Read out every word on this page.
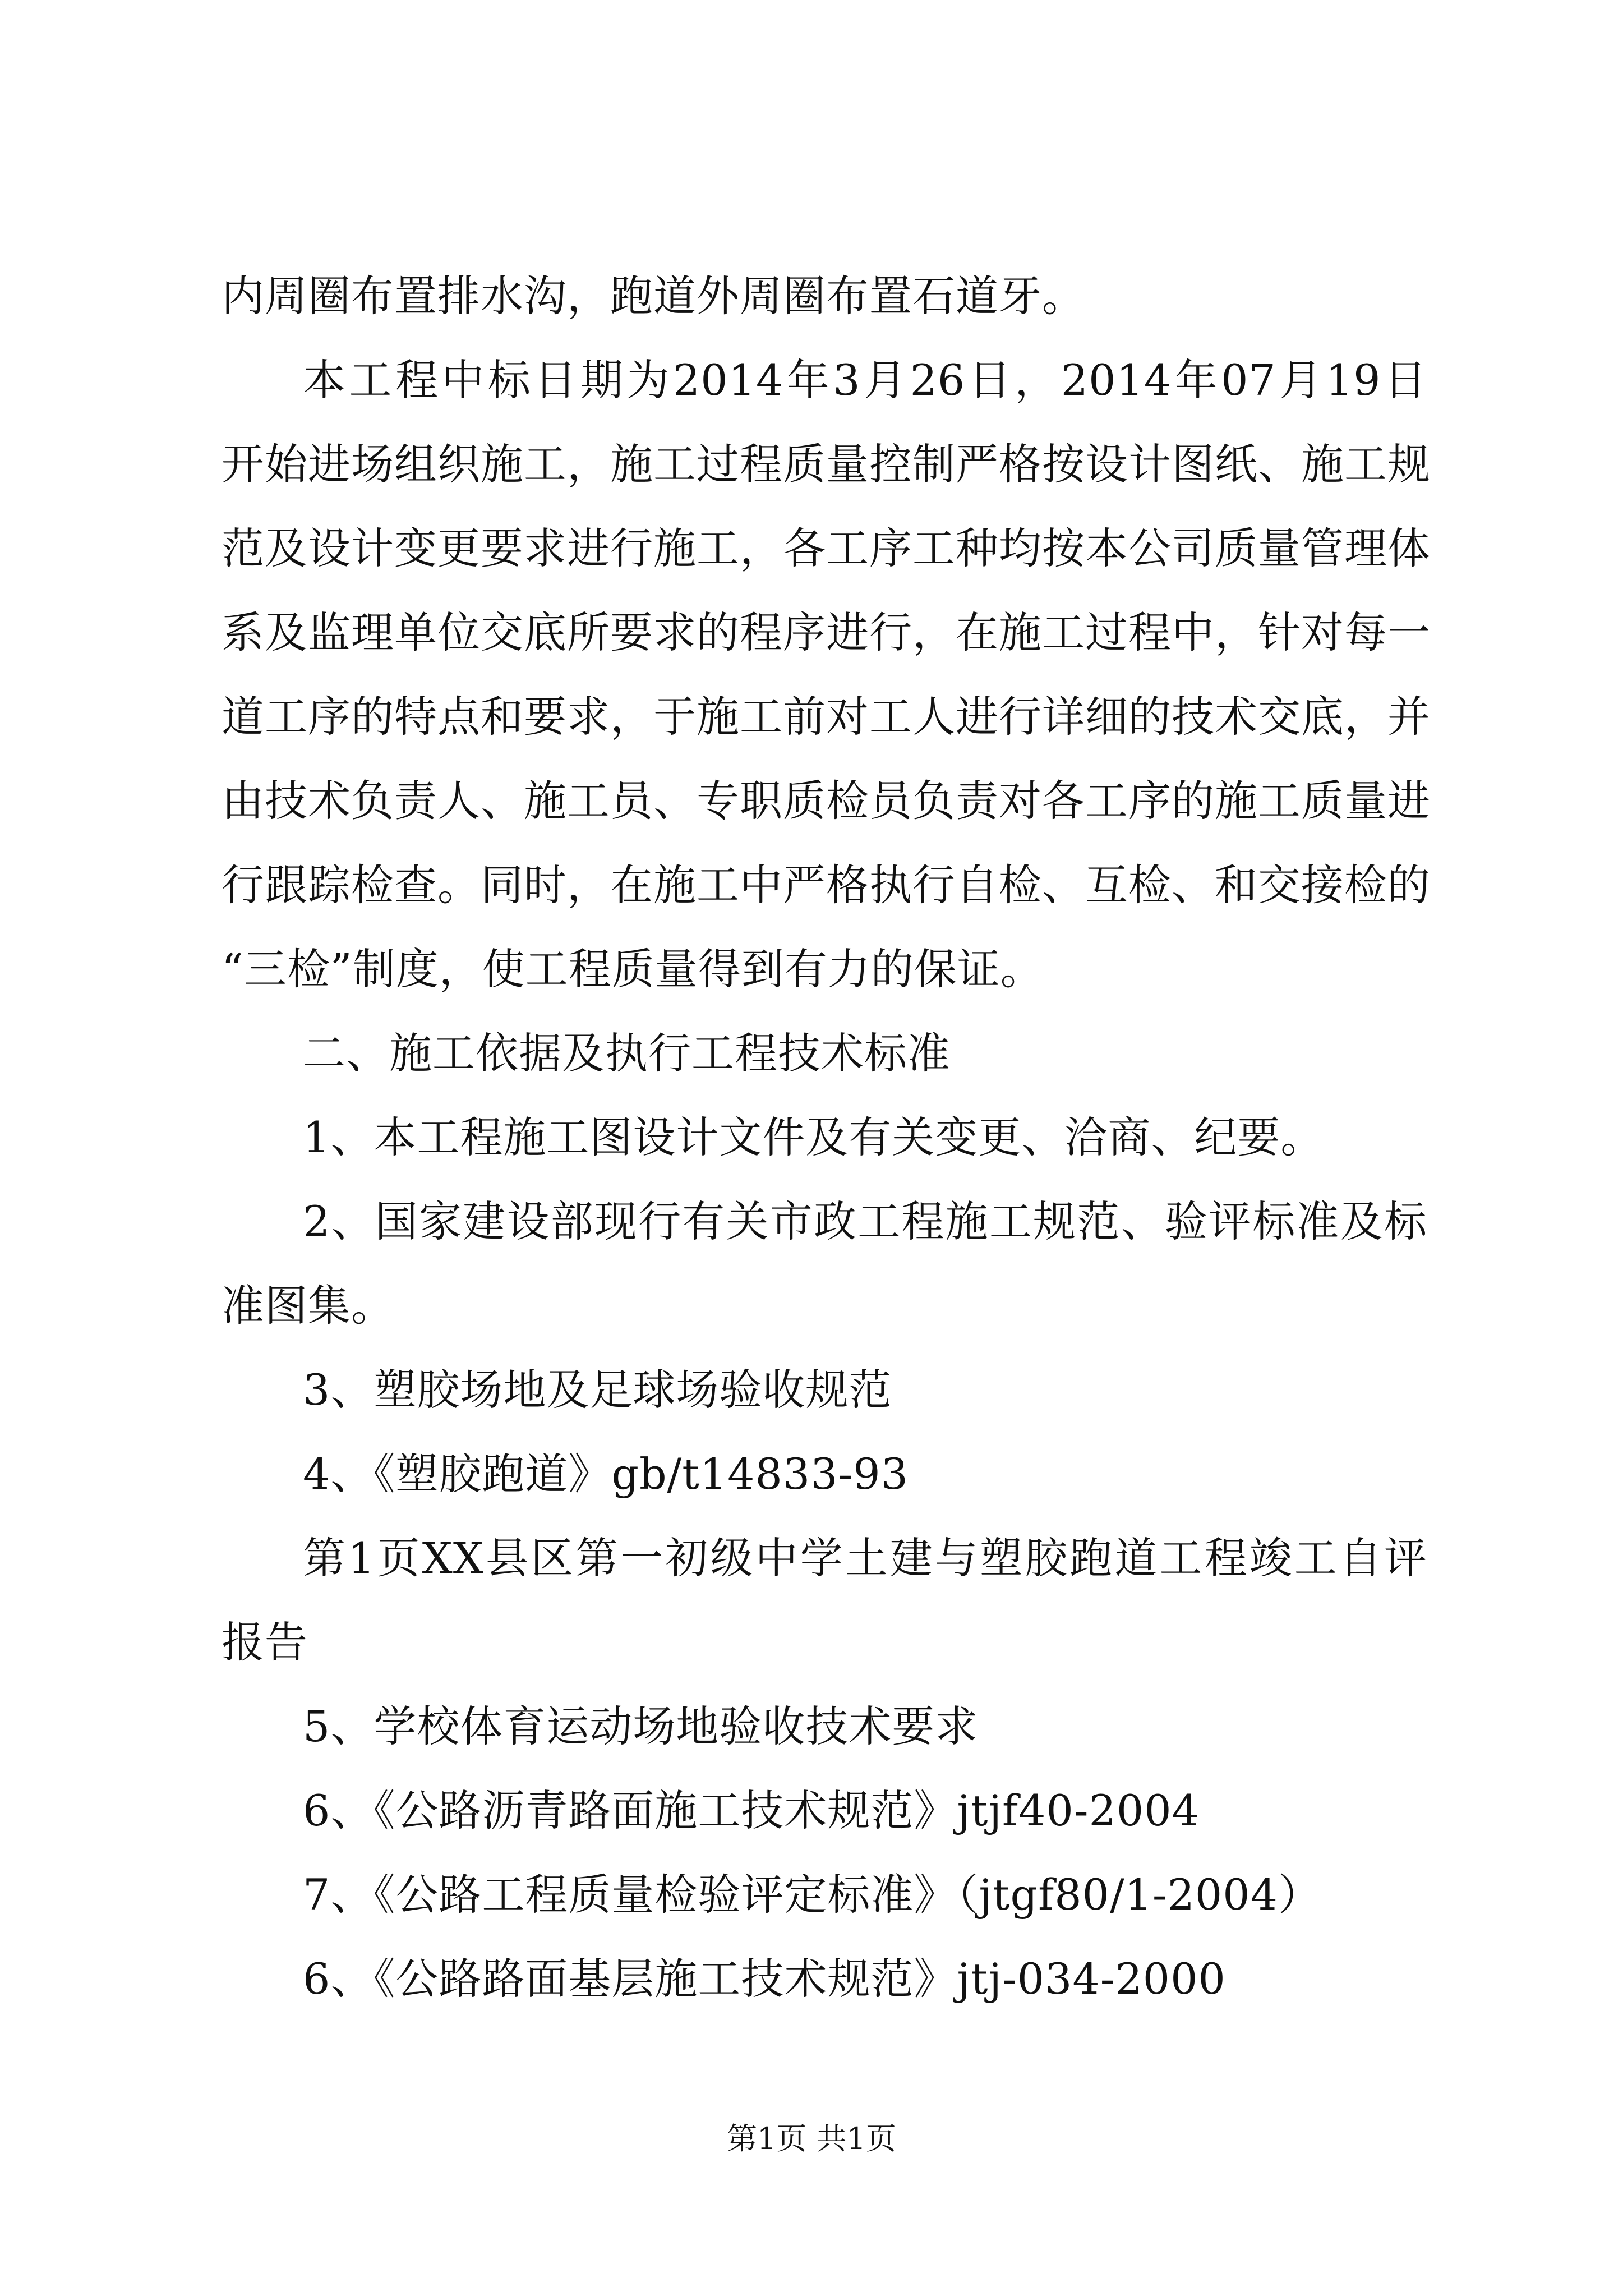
内周圈布置排水沟，跑道外周圈布置石道牙。
本工程中标日期为2014年3月26日，2014年07月19日
开始进场组织施工，施工过程质量控制严格按设计图纸、施工规
范及设计变更要求进行施工，各工序工种均按本公司质量管理体
系及监理单位交底所要求的程序进行，在施工过程中，针对每一
道工序的特点和要求，于施工前对工人进行详细的技术交底，并
由技术负责人、施工员、专职质检员负责对各工序的施工质量进
行跟踪检查。同时，在施工中严格执行自检、互检、和交接检的
“三检”制度，使工程质量得到有力的保证。
二、施工依据及执行工程技术标准
1、本工程施工图设计文件及有关变更、洽商、纪要。
2、国家建设部现行有关市政工程施工规范、验评标准及标
准图集。
3、塑胶场地及足球场验收规范
4、《塑胶跑道》gb/t14833-93
第1页XX县区第一初级中学土建与塑胶跑道工程竣工自评
报告
5、学校体育运动场地验收技术要求
6、《公路沥青路面施工技术规范》jtjf40-2004
7、《公路工程质量检验评定标准》（jtgf80/1-2004）
6、《公路路面基层施工技术规范》jtj-034-2000
第1页 共1页
